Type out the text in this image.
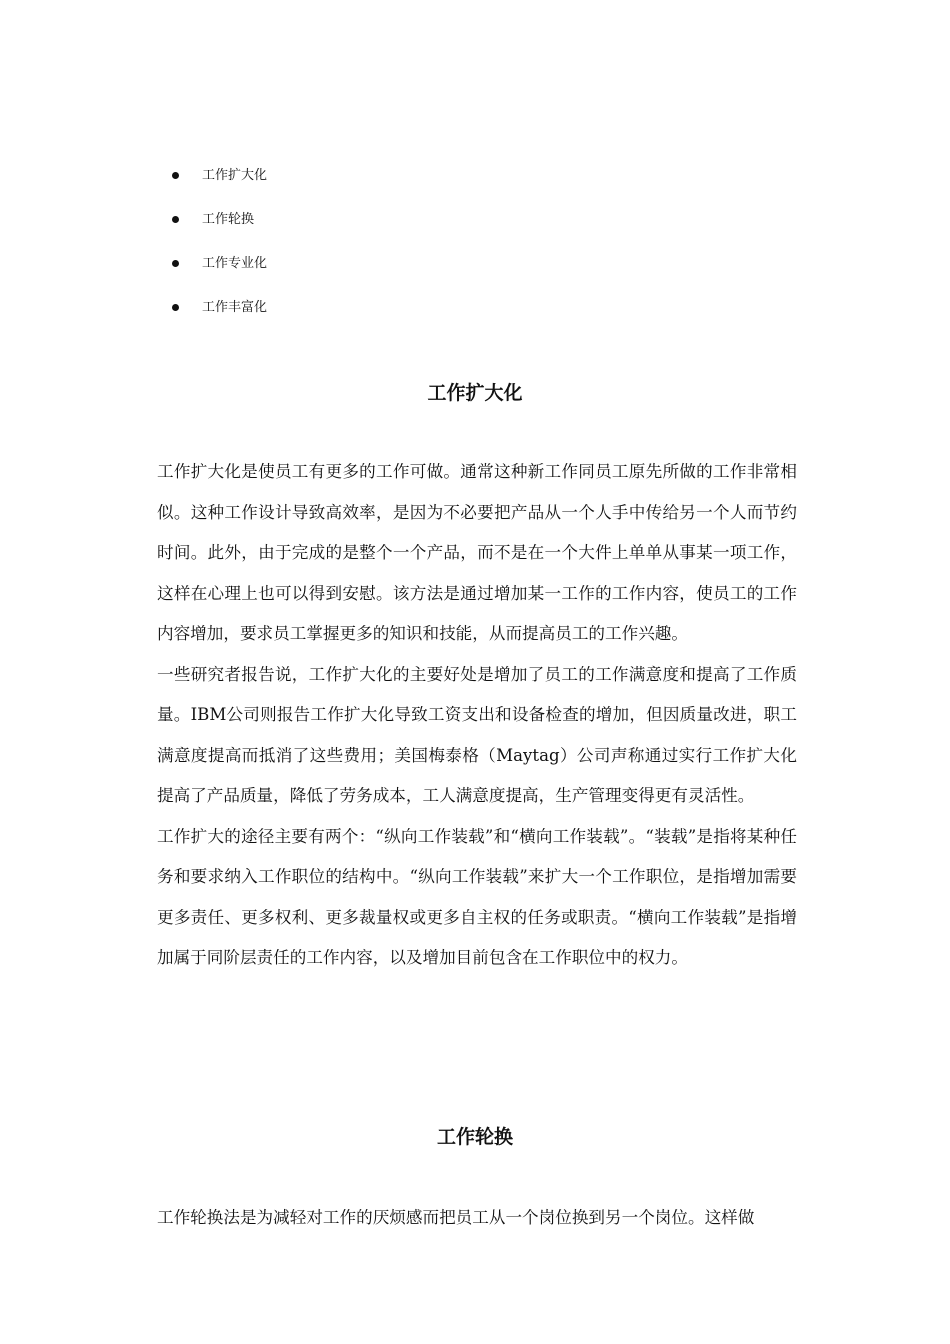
工作扩大化
工作轮换
工作专业化
工作丰富化
工作扩大化

工作扩大化是使员工有更多的工作可做。通常这种新工作同员工原先所做的工作非常相似。这种工作设计导致高效率，是因为不必要把产品从一个人手中传给另一个人而节约时间。此外，由于完成的是整个一个产品，而不是在一个大件上单单从事某一项工作，这样在心理上也可以得到安慰。该方法是通过增加某一工作的工作内容，使员工的工作内容增加，要求员工掌握更多的知识和技能，从而提高员工的工作兴趣。

一些研究者报告说，工作扩大化的主要好处是增加了员工的工作满意度和提高了工作质量。IBM公司则报告工作扩大化导致工资支出和设备检查的增加，但因质量改进，职工满意度提高而抵消了这些费用；美国梅泰格（Maytag）公司声称通过实行工作扩大化提高了产品质量，降低了劳务成本，工人满意度提高，生产管理变得更有灵活性。

工作扩大的途径主要有两个：“纵向工作装载”和“横向工作装载”。“装载”是指将某种任务和要求纳入工作职位的结构中。“纵向工作装载”来扩大一个工作职位，是指增加需要更多责任、更多权利、更多裁量权或更多自主权的任务或职责。“横向工作装载”是指增加属于同阶层责任的工作内容，以及增加目前包含在工作职位中的权力。

工作轮换

工作轮换法是为减轻对工作的厌烦感而把员工从一个岗位换到另一个岗位。这样做
